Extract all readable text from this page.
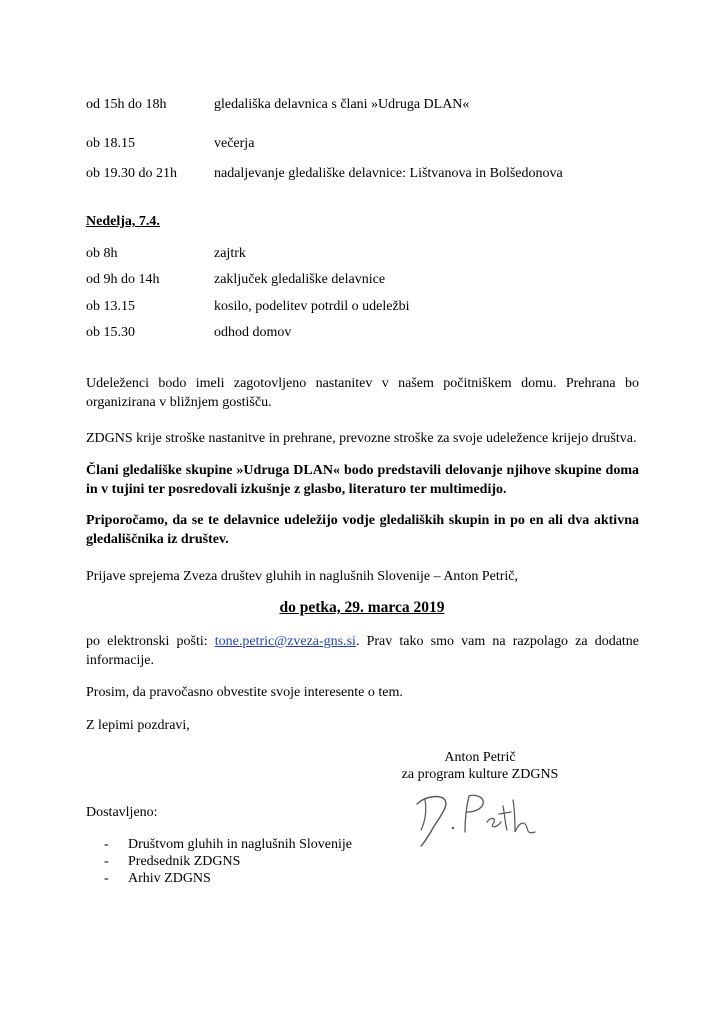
od 15h do 18h	gledališka delavnica s člani »Udruga DLAN«
ob 18.15	večerja
ob 19.30 do 21h	nadaljevanje gledališke delavnice: Lištvanova in Bolšedonova
Nedelja, 7.4.
ob 8h	zajtrk
od 9h do 14h	zaključek gledališke delavnice
ob 13.15	kosilo, podelitev potrdil o udeležbi
ob 15.30	odhod domov
Udeleženci bodo imeli zagotovljeno nastanitev v našem počitniškem domu. Prehrana bo organizirana v bližnjem gostišču.
ZDGNS krije stroške nastanitve in prehrane, prevozne stroške za svoje udeležence krijejo društva.
Člani gledališke skupine »Udruga DLAN« bodo predstavili delovanje njihove skupine doma in v tujini ter posredovali izkušnje z glasbo, literaturo ter multimedijo.
Priporočamo, da se te delavnice udeležijo vodje gledaliških skupin in po en ali dva aktivna gledališčnika iz društev.
Prijave sprejema Zveza društev gluhih in naglušnih Slovenije – Anton Petrič,
do petka, 29. marca 2019
po elektronski pošti: tone.petric@zveza-gns.si. Prav tako smo vam na razpolago za dodatne informacije.
Prosim, da pravočasno obvestite svoje interesente o tem.
Z lepimi pozdravi,
Anton Petrič
za program kulture ZDGNS
Dostavljeno:
- Društvom gluhih in naglušnih Slovenije
- Predsednik ZDGNS
- Arhiv ZDGNS
